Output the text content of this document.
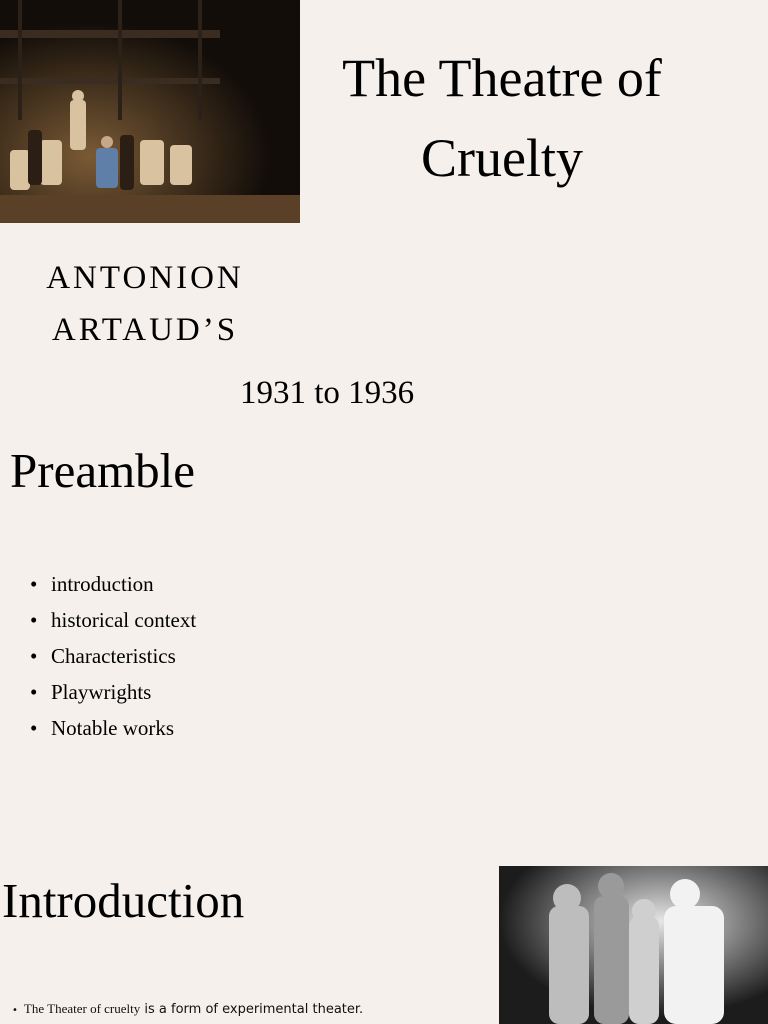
The Theatre of
Cruelty

ANTONION
ARTAUD’S

1931 to 1936

Preamble
• introduction
• historical context
• Characteristics
• Playwrights
• Notable works
Introduction

• The Theater of cruelty is a form of experimental theater.
